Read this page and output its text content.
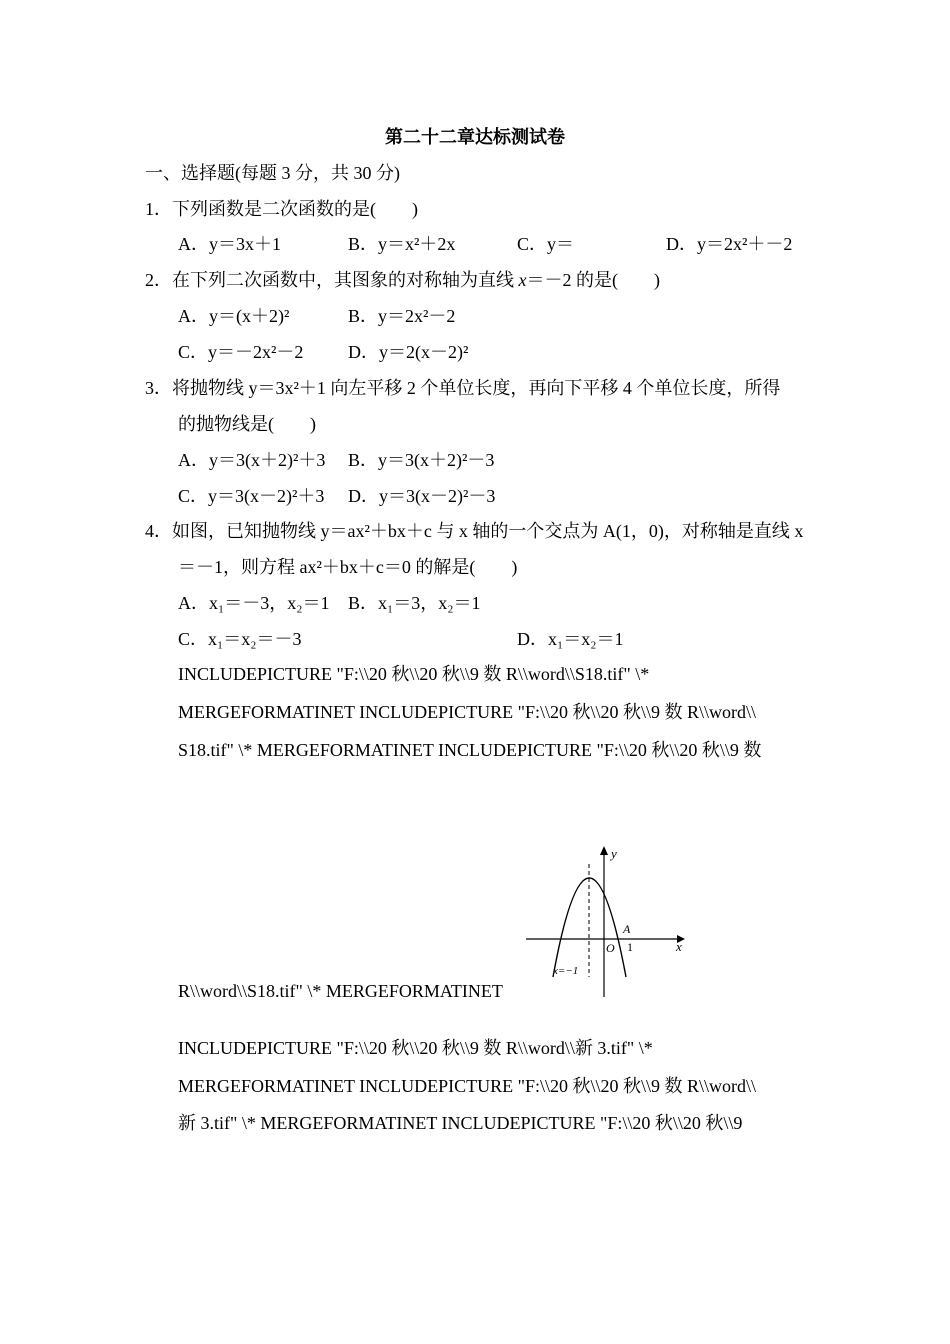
第二十二章达标测试卷
一、选择题(每题 3 分，共 30 分)
1．下列函数是二次函数的是(　　)
A．y＝3x＋1	B．y＝x²＋2x	C．y＝	D．y＝2x²＋－2
2．在下列二次函数中，其图象的对称轴为直线 x＝－2 的是(　　)
A．y＝(x＋2)²	B．y＝2x²－2
C．y＝－2x²－2 D．y＝2(x－2)²
3．将抛物线 y＝3x²＋1 向左平移 2 个单位长度，再向下平移 4 个单位长度，所得
的抛物线是(　　)
A．y＝3(x＋2)²＋3 B．y＝3(x＋2)²－3
C．y＝3(x－2)²＋3 D．y＝3(x－2)²－3
4．如图，已知抛物线 y＝ax²＋bx＋c 与 x 轴的一个交点为 A(1，0)，对称轴是直线 x
＝－1，则方程 ax²＋bx＋c＝0 的解是(　　)
A．x₁＝－3，x₂＝1 B．x₁＝3，x₂＝1
C．x₁＝x₂＝－3	D．x₁＝x₂＝1
INCLUDEPICTURE "F:\\20 秋\\20 秋\\9 数 R\\word\\S18.tif" \*
MERGEFORMATINET INCLUDEPICTURE "F:\\20 秋\\20 秋\\9 数 R\\word\\
S18.tif" \* MERGEFORMATINET INCLUDEPICTURE "F:\\20 秋\\20 秋\\9 数
R\\word\\S18.tif" \* MERGEFORMATINET
INCLUDEPICTURE "F:\\20 秋\\20 秋\\9 数 R\\word\\新 3.tif" \*
MERGEFORMATINET INCLUDEPICTURE "F:\\20 秋\\20 秋\\9 数 R\\word\\
新 3.tif" \* MERGEFORMATINET INCLUDEPICTURE "F:\\20 秋\\20 秋\\9
y
x
O
A
1
x=−1
